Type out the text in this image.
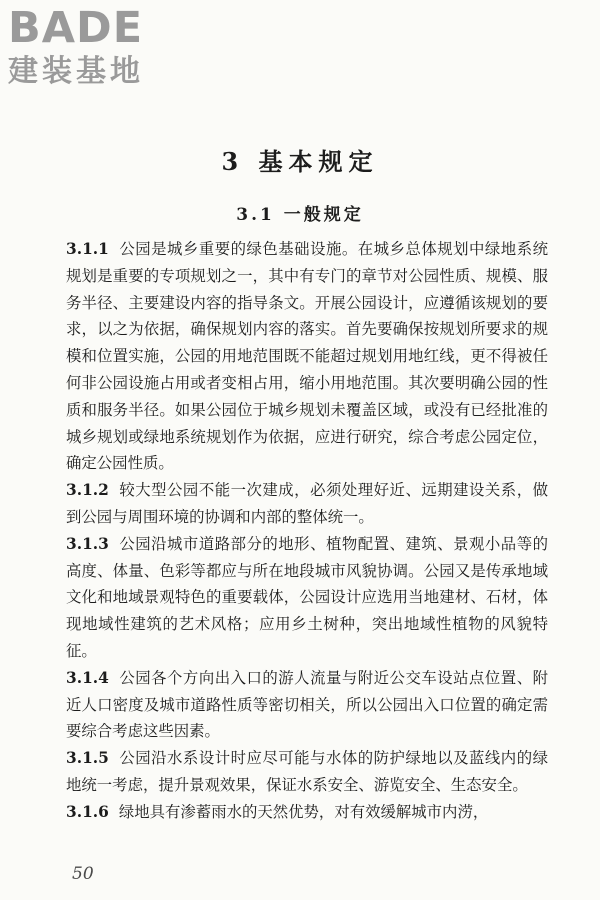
BADE
建装基地
3 基本规定
3.1 一般规定

3.1.1 公园是城乡重要的绿色基础设施。在城乡总体规划中绿地系统规划是重要的专项规划之一，其中有专门的章节对公园性质、规模、服务半径、主要建设内容的指导条文。开展公园设计，应遵循该规划的要求，以之为依据，确保规划内容的落实。首先要确保按规划所要求的规模和位置实施，公园的用地范围既不能超过规划用地红线，更不得被任何非公园设施占用或者变相占用，缩小用地范围。其次要明确公园的性质和服务半径。如果公园位于城乡规划未覆盖区域，或没有已经批准的城乡规划或绿地系统规划作为依据，应进行研究，综合考虑公园定位，确定公园性质。

3.1.2 较大型公园不能一次建成，必须处理好近、远期建设关系，做到公园与周围环境的协调和内部的整体统一。

3.1.3 公园沿城市道路部分的地形、植物配置、建筑、景观小品等的高度、体量、色彩等都应与所在地段城市风貌协调。公园又是传承地域文化和地域景观特色的重要载体，公园设计应选用当地建材、石材，体现地域性建筑的艺术风格；应用乡土树种，突出地域性植物的风貌特征。

3.1.4 公园各个方向出入口的游人流量与附近公交车设站点位置、附近人口密度及城市道路性质等密切相关，所以公园出入口位置的确定需要综合考虑这些因素。

3.1.5 公园沿水系设计时应尽可能与水体的防护绿地以及蓝线内的绿地统一考虑，提升景观效果，保证水系安全、游览安全、生态安全。

3.1.6 绿地具有渗蓄雨水的天然优势，对有效缓解城市内涝，

50
